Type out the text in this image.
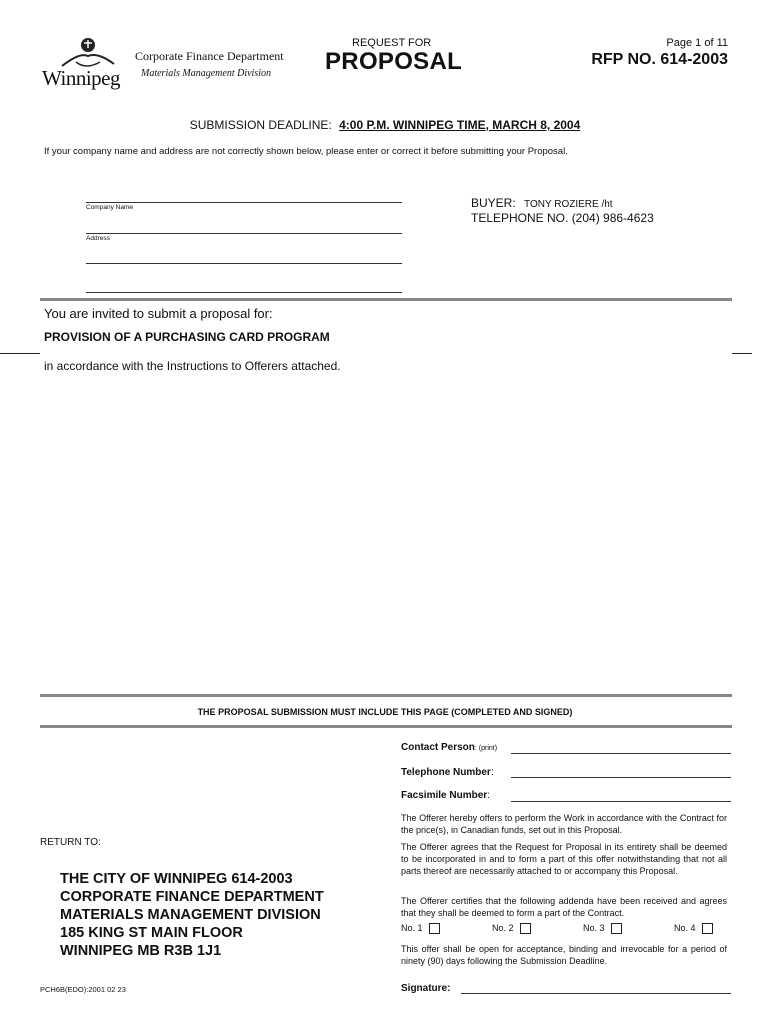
Winnipeg
Corporate Finance Department
Materials Management Division
REQUEST FOR
PROPOSAL
Page 1 of 11
RFP NO. 614-2003
SUBMISSION DEADLINE: 4:00 P.M. WINNIPEG TIME, MARCH 8, 2004
If your company name and address are not correctly shown below, please enter or correct it before submitting your Proposal.
Company Name
Address
BUYER: TONY ROZIERE /ht
TELEPHONE NO. (204) 986-4623
You are invited to submit a proposal for:
PROVISION OF A PURCHASING CARD PROGRAM
in accordance with the Instructions to Offerers attached.
THE PROPOSAL SUBMISSION MUST INCLUDE THIS PAGE (COMPLETED AND SIGNED)
Contact Person: (print)
Telephone Number :
Facsimile Number :
RETURN TO:
THE CITY OF WINNIPEG 614-2003
CORPORATE FINANCE DEPARTMENT
MATERIALS MANAGEMENT DIVISION
185 KING ST MAIN FLOOR
WINNIPEG MB R3B 1J1
PCH6B(EDO):2001 02 23
The Offerer hereby offers to perform the Work in accordance with the Contract for the price(s), in Canadian funds, set out in this Proposal.
The Offerer agrees that the Request for Proposal in its entirety shall be deemed to be incorporated in and to form a part of this offer notwithstanding that not all parts thereof are necessarily attached to or accompany this Proposal.
The Offerer certifies that the following addenda have been received and agrees that they shall be deemed to form a part of the Contract.
No. 1	No. 2	No. 3	No. 4
This offer shall be open for acceptance, binding and irrevocable for a period of ninety (90) days following the Submission Deadline.
Signature:
